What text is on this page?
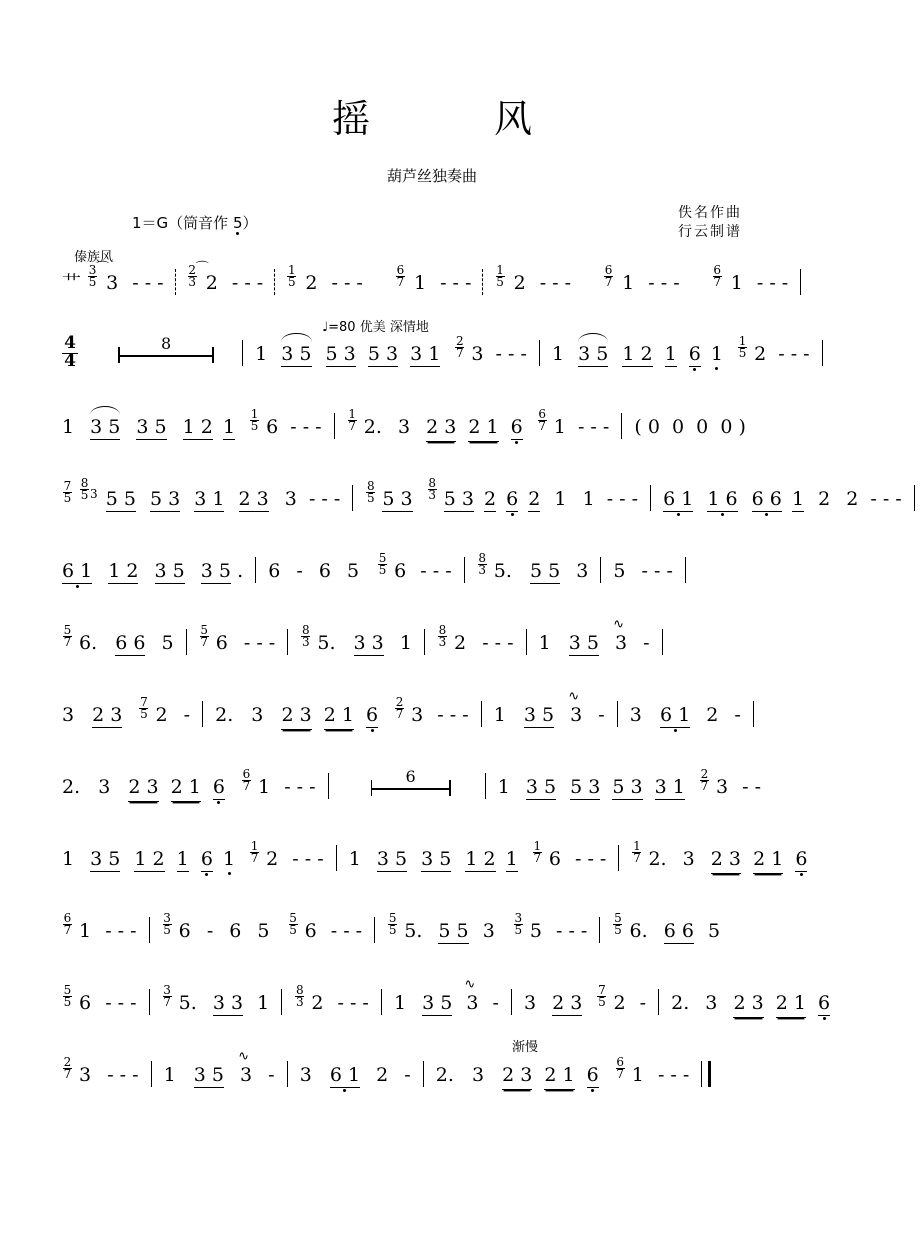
摇 风
葫芦丝独奏曲
1＝G（筒音作 5）
佚名作曲
行云制谱
傣族风
艹 $\frac{3}{5} 3$
⌒
- - - $\frac{2}{3} 2$
⌒
- - - $\frac{1}{5} 2$ - - -	$\frac{6}{7} 1$ - - - $\frac{1}{5} 2$ - - -	$\frac{6}{7} 1$ - - -	$\frac{6}{7} 1$ - - -
♩=80 优美 深情地
$\frac{4}{4}$
	8	1 3 5 5 3 5 3 3 $1 \frac{2}{7} 3$ - - - 1 3 5 1 2 1 6 $1 \frac{1}{5} 2$ - - -
1 3 5 3 5 1 2 $1 \frac{1}{5} 6$ - - - $\frac{1}{7} 2$. 3 2 3 2 1 $6 \frac{6}{7} 1$ - - - ( 0  0  0  0 )
$\frac{7}{5}$
$^{\frac{8}{5} 3}$ 5 5 5 3 3 1 2 3 3 - - - $\frac{8}{5} 5$ 3 $^{\frac{8}{3}}$ 5 3 2 6 2 1 1 - - - 6 1 1 6 6 6 1 2 2 - - -
6 1 1 2 3 5 3 5 . 6 - 6 $5 \frac{5}{5} 6$ - - - $\frac{8}{3} 5$. 5 5 3 5 - - -
$\frac{5}{7} 6$. 6 6 $5 \frac{5}{7} 6$ - - - $\frac{8}{3} 5$. 3 3 $1 \frac{8}{3} 2$ - - - 1 3 5 3
∿
-
3 2 $3 \frac{7}{5} 2 - 2$. 3 2 3 2 1 $6 \frac{2}{7} 3$ - - - 1 3 5 3
∿
- 3 6 1 2 -
2. 3 2 3 2 1 $6 \frac{6}{7} 1$ - - -	6	1 3 5 5 3 5 3 3 $1 \frac{2}{7} 3$ - -
1 3 5 1 2 1 6 $1 \frac{1}{7} 2$ - - - 1 3 5 3 5 1 2 $1 \frac{1}{7} 6$ - - - $\frac{1}{7} 2$. 3 2 3 2 1 6
$\frac{6}{7} 1$ - - - $\frac{3}{5} 6 - 6$ $5 \frac{5}{5} 6$ - - - $\frac{5}{5} 5$. 5 5 $3 \frac{3}{5} 5$ - - - $\frac{5}{5} 6$. 6 6 5
$\frac{5}{5} 6$ - - - $\frac{3}{7} 5$. 3 3 $1 \frac{8}{3} 2$ - - - 1 3 5 3
∿
- 3 2 $3 \frac{7}{5} 2 - 2$. 3 2 3 2 1 6
渐慢
$\frac{2}{7} 3$ - - - 1 3 5 3
∿
- 3 6 1 2 - 2. 3 2 3 2 1 $6 \frac{6}{7} 1$ - - -
